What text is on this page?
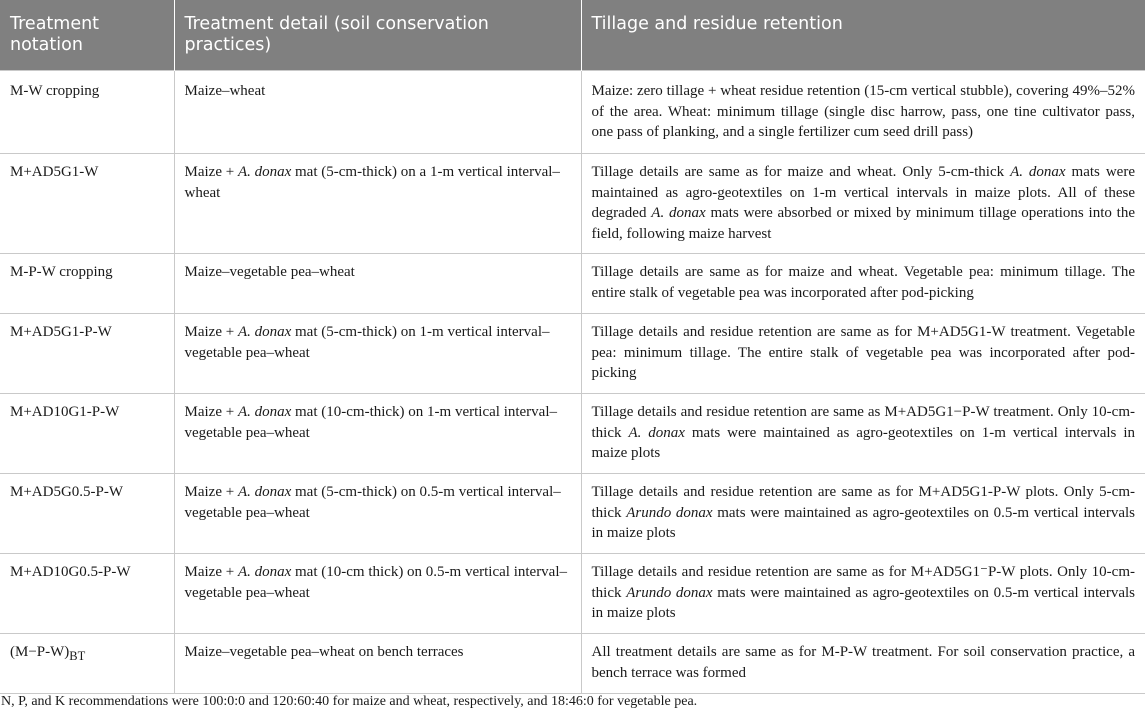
Treatment notation	Treatment detail (soil conservation practices)	Tillage and residue retention
M-W cropping	Maize–wheat	Maize: zero tillage + wheat residue retention (15-cm vertical stubble), covering 49%–52% of the area. Wheat: minimum tillage (single disc harrow, pass, one tine cultivator pass, one pass of planking, and a single fertilizer cum seed drill pass)
M+AD5G1-W	Maize + A. donax mat (5-cm-thick) on a 1-m vertical interval–wheat	Tillage details are same as for maize and wheat. Only 5-cm-thick A. donax mats were maintained as agro-geotextiles on 1-m vertical intervals in maize plots. All of these degraded A. donax mats were absorbed or mixed by minimum tillage operations into the field, following maize harvest
M-P-W cropping	Maize–vegetable pea–wheat	Tillage details are same as for maize and wheat. Vegetable pea: minimum tillage. The entire stalk of vegetable pea was incorporated after pod-picking
M+AD5G1-P-W	Maize + A. donax mat (5-cm-thick) on 1-m vertical interval–vegetable pea–wheat	Tillage details and residue retention are same as for M+AD5G1-W treatment. Vegetable pea: minimum tillage. The entire stalk of vegetable pea was incorporated after pod-picking
M+AD10G1-P-W	Maize + A. donax mat (10-cm-thick) on 1-m vertical interval–vegetable pea–wheat	Tillage details and residue retention are same as M+AD5G1−P-W treatment. Only 10-cm-thick A. donax mats were maintained as agro-geotextiles on 1-m vertical intervals in maize plots
M+AD5G0.5-P-W	Maize + A. donax mat (5-cm-thick) on 0.5-m vertical interval–vegetable pea–wheat	Tillage details and residue retention are same as for M+AD5G1-P-W plots. Only 5-cm-thick Arundo donax mats were maintained as agro-geotextiles on 0.5-m vertical intervals in maize plots
M+AD10G0.5-P-W	Maize + A. donax mat (10-cm thick) on 0.5-m vertical interval–vegetable pea–wheat	Tillage details and residue retention are same as for M+AD5G1⁻P-W plots. Only 10-cm-thick Arundo donax mats were maintained as agro-geotextiles on 0.5-m vertical intervals in maize plots
$(M-P-W)_{BT}$	Maize–vegetable pea–wheat on bench terraces	All treatment details are same as for M-P-W treatment. For soil conservation practice, a bench terrace was formed
N, P, and K recommendations were 100:0:0 and 120:60:40 for maize and wheat, respectively, and 18:46:0 for vegetable pea.
